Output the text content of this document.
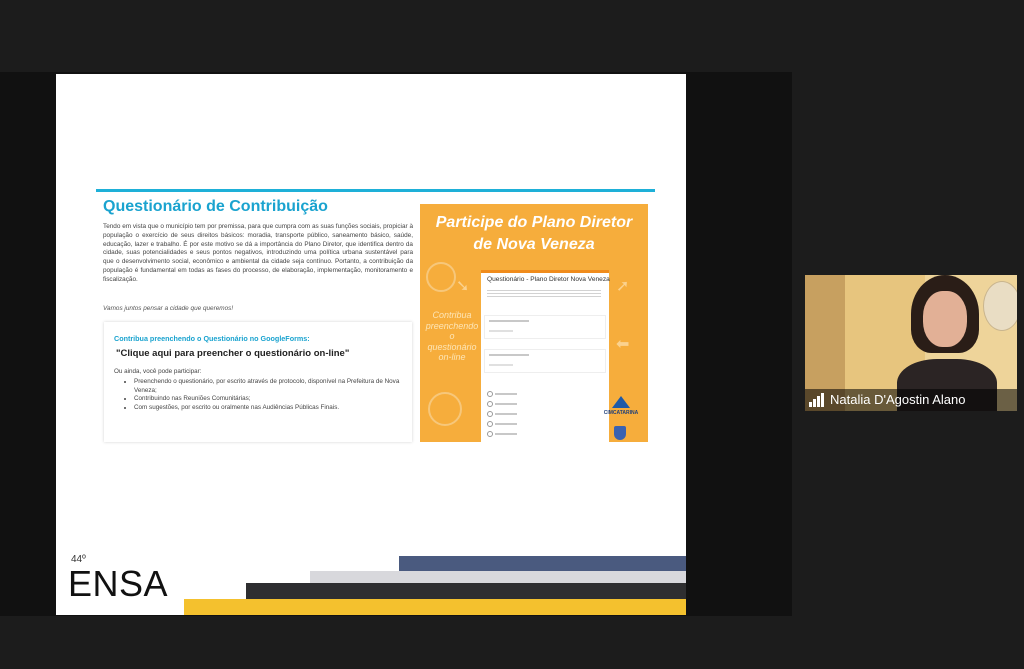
Questionário de Contribuição
Tendo em vista que o município tem por premissa, para que cumpra com as suas funções sociais, propiciar à população o exercício de seus direitos básicos: moradia, transporte público, saneamento básico, saúde, educação, lazer e trabalho. É por este motivo se dá a importância do Plano Diretor, que identifica dentro da cidade, suas potencialidades e seus pontos negativos, introduzindo uma política urbana sustentável para que o desenvolvimento social, econômico e ambiental da cidade seja contínuo. Portanto, a contribuição da população é fundamental em todas as fases do processo, de elaboração, implementação, monitoramento e fiscalização.
Vamos juntos pensar a cidade que queremos!
Contribua preenchendo o Questionário no GoogleForms:
"Clique aqui para preencher o questionário on-line"
Ou ainda, você pode participar:
• Preenchendo o questionário, por escrito através de protocolo, disponível na Prefeitura de Nova Veneza;
• Contribuindo nas Reuniões Comunitárias;
• Com sugestões, por escrito ou oralmente nas Audiências Públicas Finais.
Participe do Plano Diretor
de Nova Veneza
➘	➚
⬅
Contribua preenchendo o questionário on-line
Questionário - Plano Diretor Nova Veneza
CIMCATARINA
44º
ENSA
Natalia D'Agostin Alano
